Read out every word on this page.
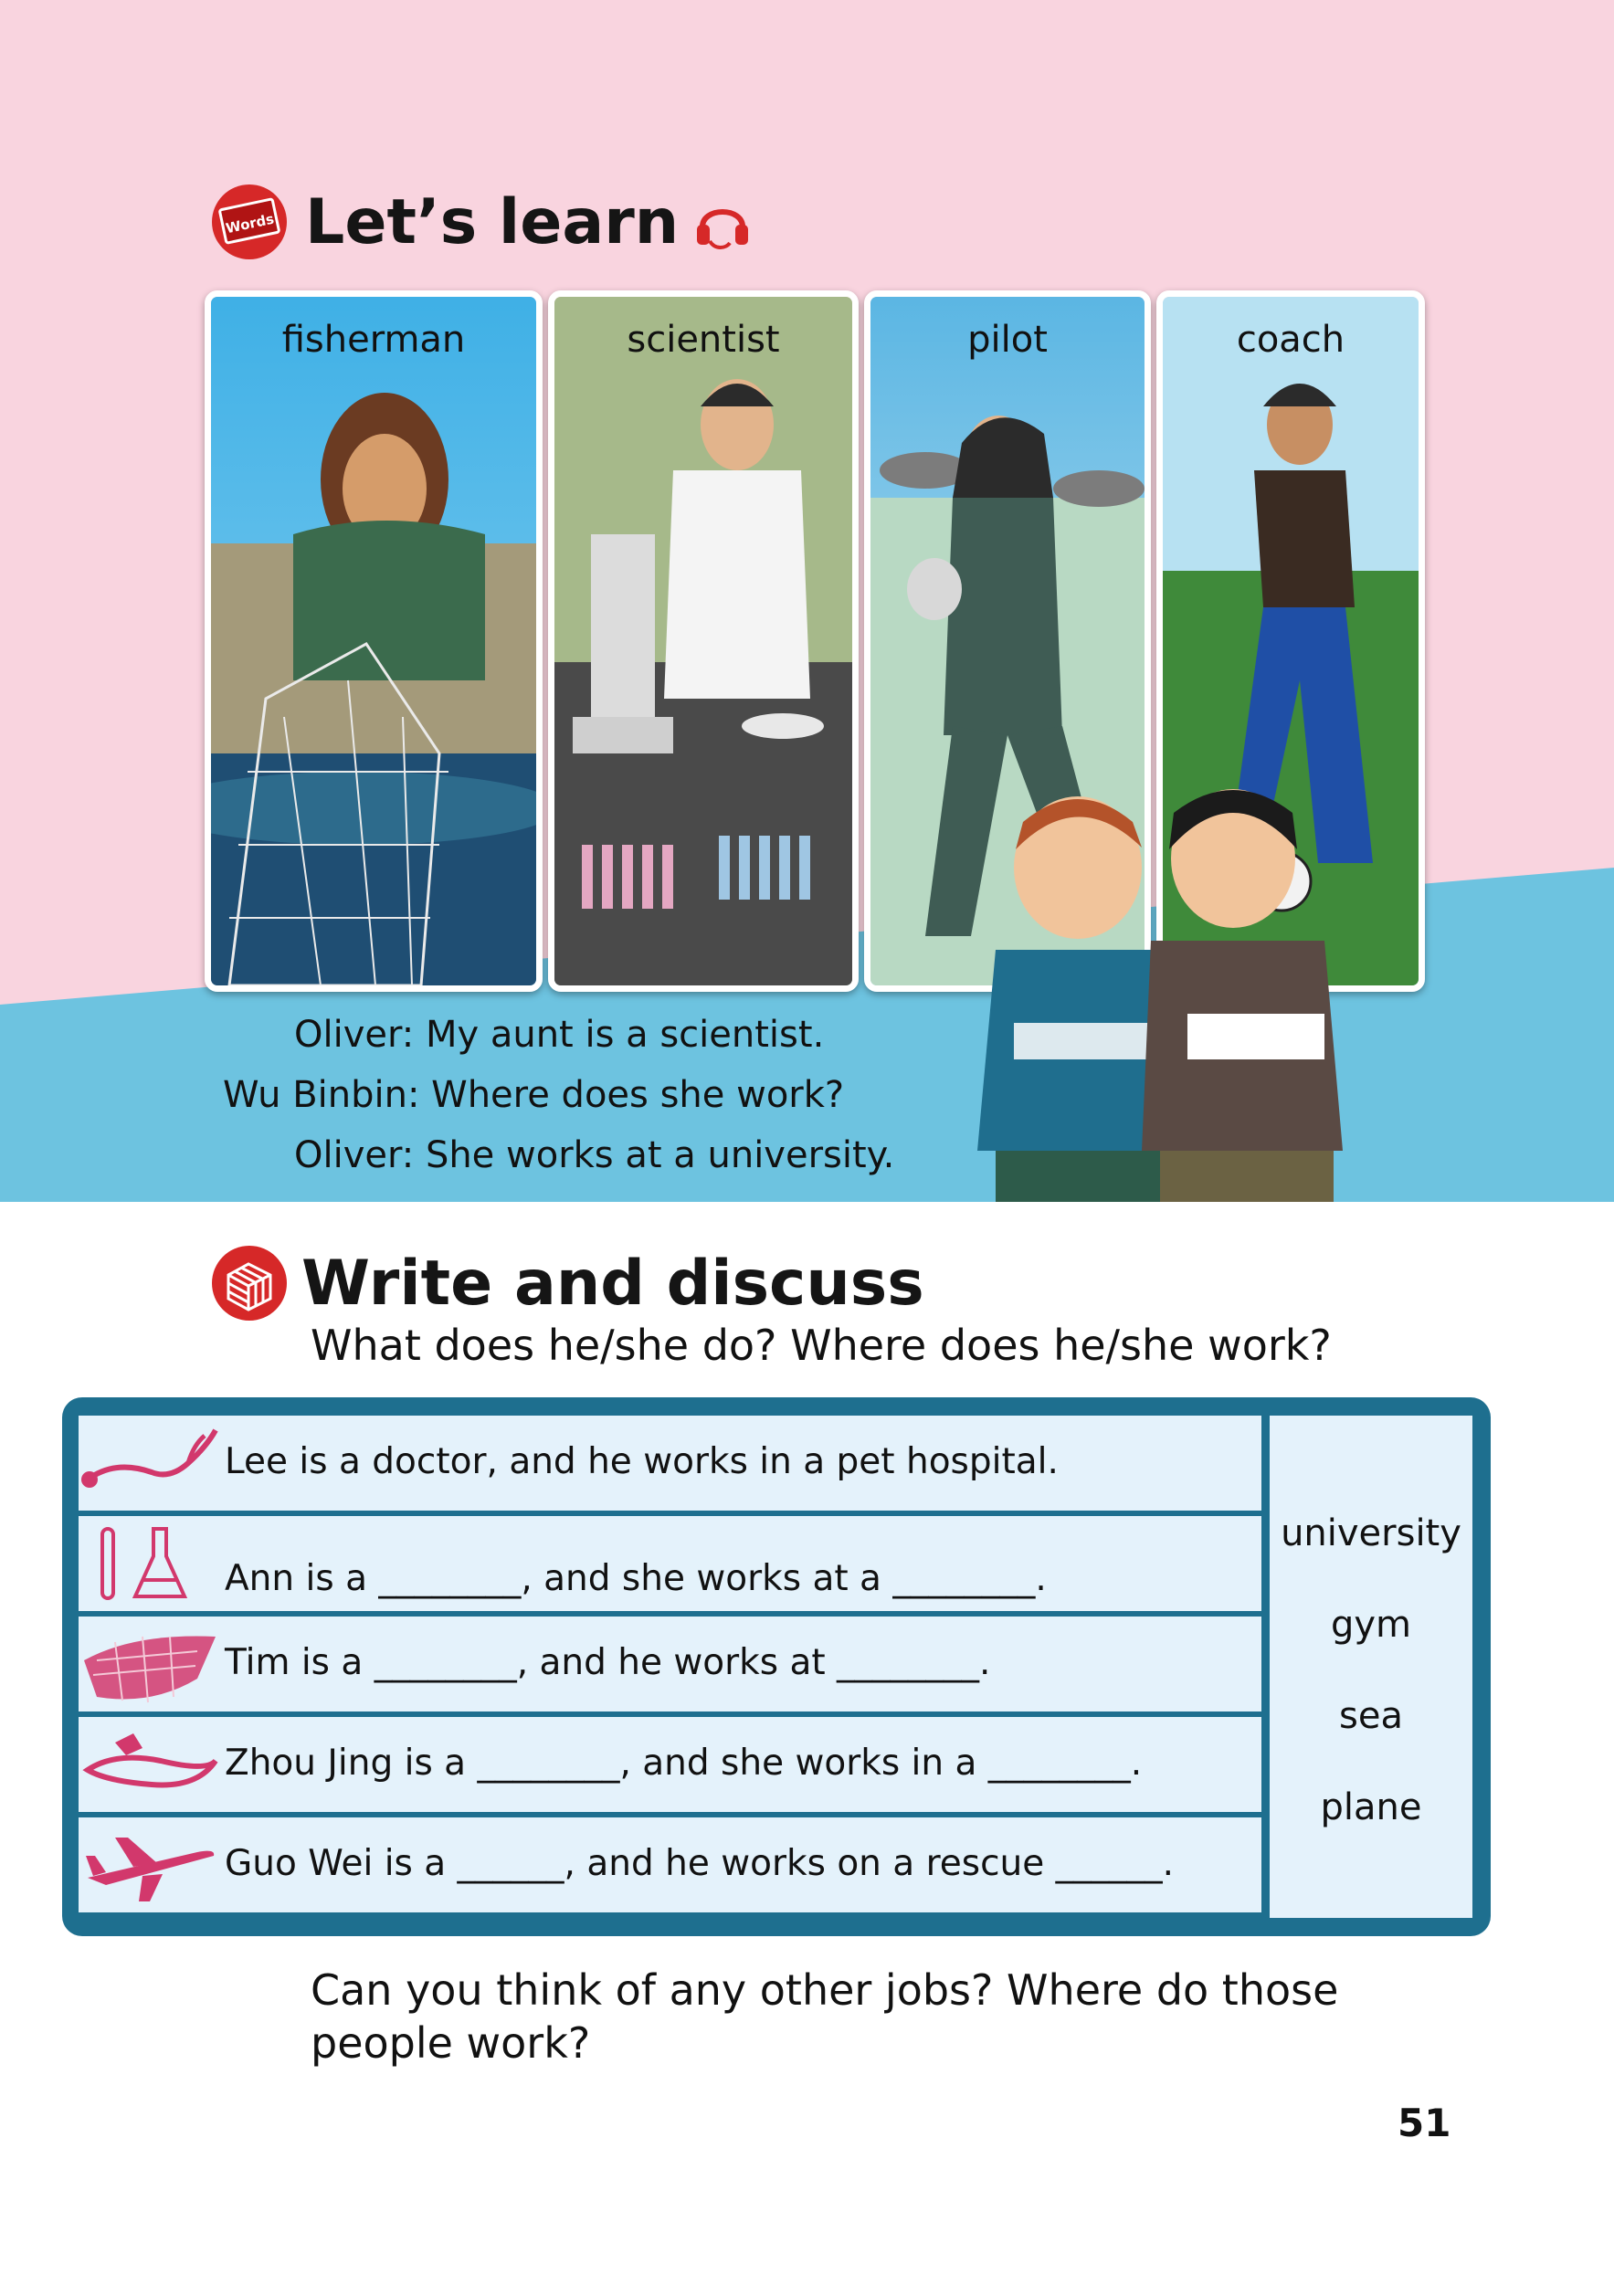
Words Let’s learn
fisherman	scientist	pilot	coach
Oliver: My aunt is a scientist.
Wu Binbin: Where does she work?
Oliver: She works at a university.
Write and discuss
What does he/she do? Where does he/she work?
Lee is a doctor, and he works in a pet hospital.
Ann is a ________, and she works at a ________.
Tim is a ________, and he works at ________.
Zhou Jing is a ________, and she works in a ________.
Guo Wei is a ______, and he works on a rescue ______.
university
gym
sea
plane
Can you think of any other jobs? Where do those people work?
51
